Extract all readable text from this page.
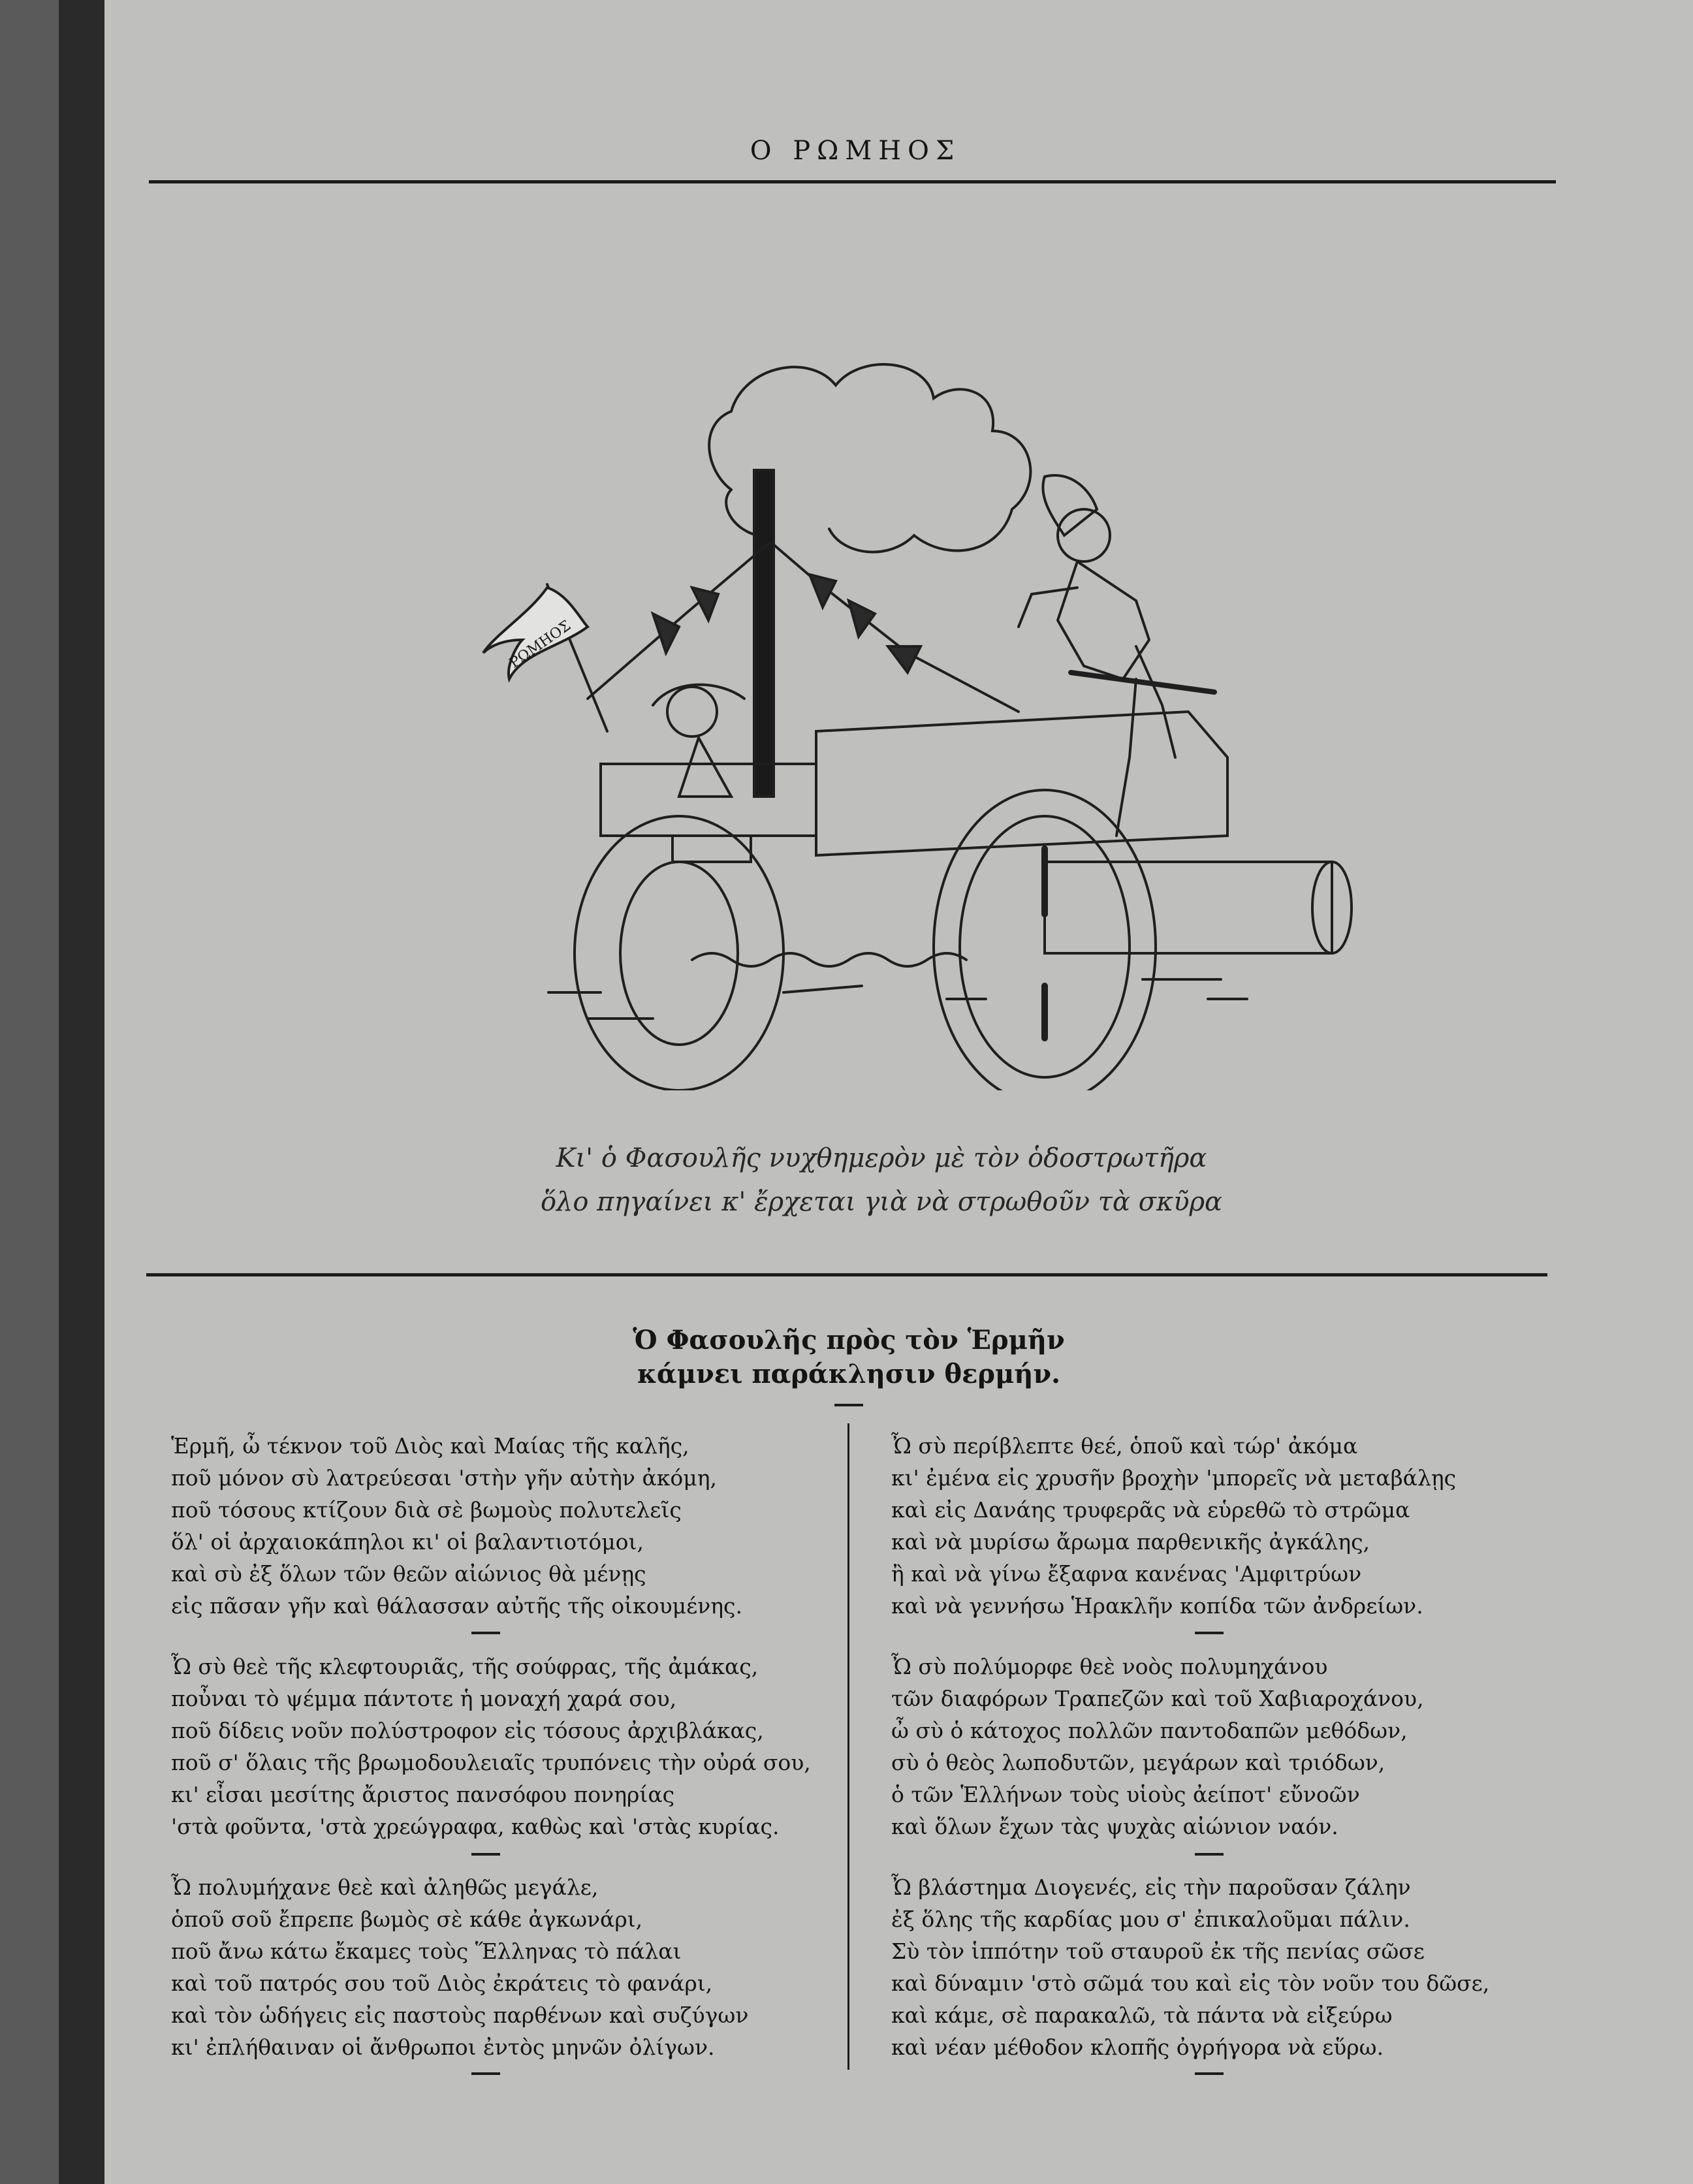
Ο ΡΩΜΗΟΣ
ΡΩΜΗΟΣ
Κι' ὁ Φασουλῆς νυχθημερὸν μὲ τὸν ὁδοστρωτῆρα
ὅλο πηγαίνει κ' ἔρχεται γιὰ νὰ στρωθοῦν τὰ σκῦρα
Ὁ Φασουλῆς πρὸς τὸν Ἑρμῆν
κάμνει παράκλησιν θερμήν.
Ἑρμῆ, ὦ τέκνον τοῦ Διὸς καὶ Μαίας τῆς καλῆς,
ποῦ μόνον σὺ λατρεύεσαι 'στὴν γῆν αὐτὴν ἀκόμη,
ποῦ τόσους κτίζουν διὰ σὲ βωμοὺς πολυτελεῖς
ὅλ' οἱ ἀρχαιοκάπηλοι κι' οἱ βαλαντιοτόμοι,
καὶ σὺ ἐξ ὅλων τῶν θεῶν αἰώνιος θὰ μένῃς
εἰς πᾶσαν γῆν καὶ θάλασσαν αὐτῆς τῆς οἰκουμένης.
Ὦ σὺ θεὲ τῆς κλεφτουριᾶς, τῆς σούφρας, τῆς ἀμάκας,
ποὖναι τὸ ψέμμα πάντοτε ἡ μοναχή χαρά σου,
ποῦ δίδεις νοῦν πολύστροφον εἰς τόσους ἀρχιβλάκας,
ποῦ σ' ὅλαις τῆς βρωμοδουλειαῖς τρυπόνεις τὴν οὐρά σου,
κι' εἶσαι μεσίτης ἄριστος πανσόφου πονηρίας
'στὰ φοῦντα, 'στὰ χρεώγραφα, καθὼς καὶ 'στὰς κυρίας.
Ὦ πολυμήχανε θεὲ καὶ ἀληθῶς μεγάλε,
ὁποῦ σοῦ ἔπρεπε βωμὸς σὲ κάθε ἀγκωνάρι,
ποῦ ἄνω κάτω ἔκαμες τοὺς Ἕλληνας τὸ πάλαι
καὶ τοῦ πατρός σου τοῦ Διὸς ἐκράτεις τὸ φανάρι,
καὶ τὸν ὡδήγεις εἰς παστοὺς παρθένων καὶ συζύγων
κι' ἐπλήθαιναν οἱ ἄνθρωποι ἐντὸς μηνῶν ὀλίγων.
Ὦ σὺ περίβλεπτε θεέ, ὁποῦ καὶ τώρ' ἀκόμα
κι' ἐμένα εἰς χρυσῆν βροχὴν 'μπορεῖς νὰ μεταβάλῃς
καὶ εἰς Δανάης τρυφερᾶς νὰ εὑρεθῶ τὸ στρῶμα
καὶ νὰ μυρίσω ἄρωμα παρθενικῆς ἀγκάλης,
ἢ καὶ νὰ γίνω ἔξαφνα κανένας 'Αμφιτρύων
καὶ νὰ γεννήσω Ἡρακλῆν κοπίδα τῶν ἀνδρείων.
Ὦ σὺ πολύμορφε θεὲ νοὸς πολυμηχάνου
τῶν διαφόρων Τραπεζῶν καὶ τοῦ Χαβιαροχάνου,
ὦ σὺ ὁ κάτοχος πολλῶν παντοδαπῶν μεθόδων,
σὺ ὁ θεὸς λωποδυτῶν, μεγάρων καὶ τριόδων,
ὁ τῶν Ἑλλήνων τοὺς υἱοὺς ἀείποτ' εὔνοῶν
καὶ ὅλων ἔχων τὰς ψυχὰς αἰώνιον ναόν.
Ὦ βλάστημα Διογενές, εἰς τὴν παροῦσαν ζάλην
ἐξ ὅλης τῆς καρδίας μου σ' ἐπικαλοῦμαι πάλιν.
Σὺ τὸν ἱππότην τοῦ σταυροῦ ἐκ τῆς πενίας σῶσε
καὶ δύναμιν 'στὸ σῶμά του καὶ εἰς τὸν νοῦν του δῶσε,
καὶ κάμε, σὲ παρακαλῶ, τὰ πάντα νὰ εἰξεύρω
καὶ νέαν μέθοδον κλοπῆς ὀγρήγορα νὰ εὕρω.
